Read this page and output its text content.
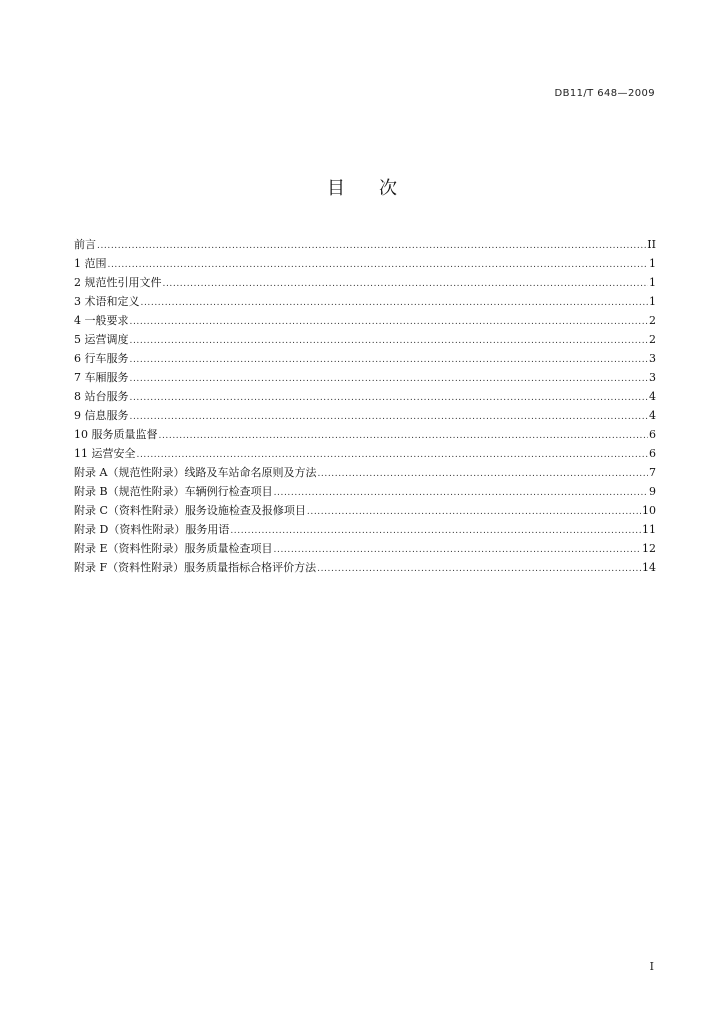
DB11/T 648—2009
目 次
前言 .....	II
1 范围 .....	1
2 规范性引用文件 .....	1
3 术语和定义 .....	1
4 一般要求 .....	2
5 运营调度 .....	2
6 行车服务 .....	3
7 车厢服务 .....	3
8 站台服务 .....	4
9 信息服务 .....	4
10 服务质量监督 .....	6
11 运营安全 .....	6
附录 A（规范性附录）线路及车站命名原则及方法 .....	7
附录 B（规范性附录）车辆例行检查项目 .....	9
附录 C（资料性附录）服务设施检查及报修项目 .....	10
附录 D（资料性附录）服务用语 .....	11
附录 E（资料性附录）服务质量检查项目 .....	12
附录 F（资料性附录）服务质量指标合格评价方法 .....	14
I
